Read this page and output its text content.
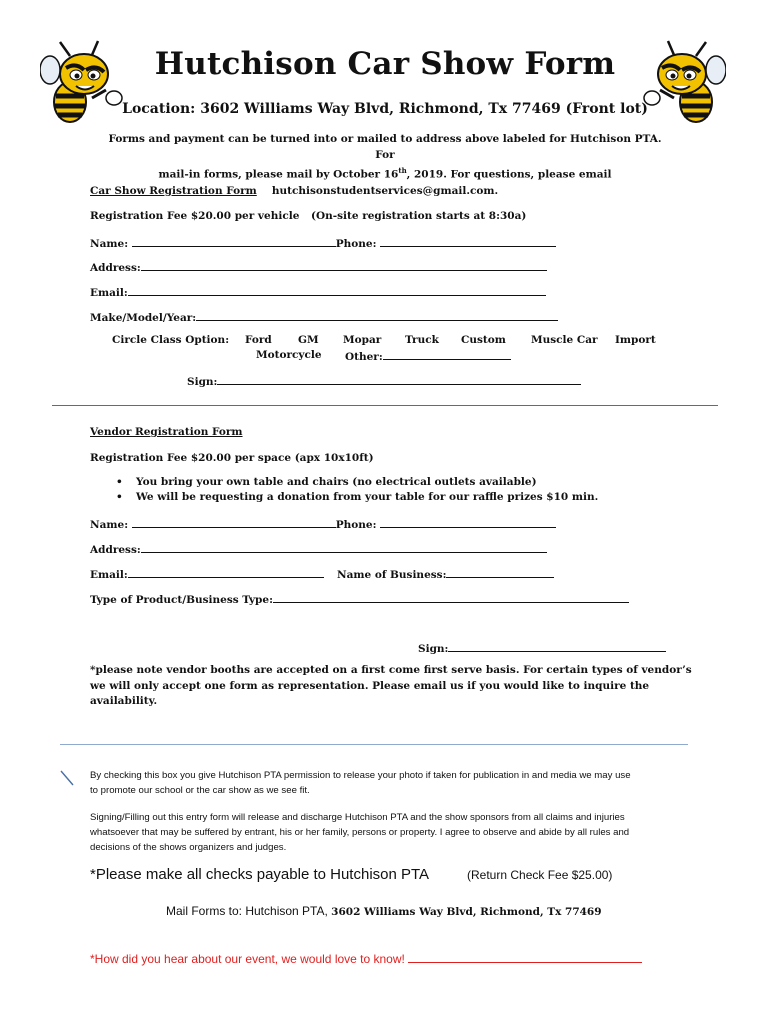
Hutchison Car Show Form
Location: 3602 Williams Way Blvd, Richmond, Tx 77469 (Front lot)
Forms and payment can be turned into or mailed to address above labeled for Hutchison PTA. For
mail-in forms, please mail by October 16th, 2019. For questions, please email
hutchisonstudentservices@gmail.com.
Car Show Registration Form
Registration Fee $20.00 per vehicle (On-site registration starts at 8:30a)
Name:	Phone:
Address:
Email:
Make/Model/Year:
Circle Class Option: Ford GM Mopar Truck Custom Muscle Car Import
Motorcycle Other:
Sign:
Vendor Registration Form
Registration Fee $20.00 per space (apx 10x10ft)
• You bring your own table and chairs (no electrical outlets available)
• We will be requesting a donation from your table for our raffle prizes $10 min.
Name:	Phone:
Address:
Email:	Name of Business:
Type of Product/Business Type:
Sign:
*please note vendor booths are accepted on a first come first serve basis. For certain types of vendor’s
we will only accept one form as representation. Please email us if you would like to inquire the
availability.
By checking this box you give Hutchison PTA permission to release your photo if taken for publication in and media we may use
to promote our school or the car show as we see fit.
Signing/Filling out this entry form will release and discharge Hutchison PTA and the show sponsors from all claims and injuries
whatsoever that may be suffered by entrant, his or her family, persons or property. I agree to observe and abide by all rules and
decisions of the shows organizers and judges.
*Please make all checks payable to Hutchison PTA	(Return Check Fee $25.00)
Mail Forms to: Hutchison PTA, 3602 Williams Way Blvd, Richmond, Tx 77469
*How did you hear about our event, we would love to know!
